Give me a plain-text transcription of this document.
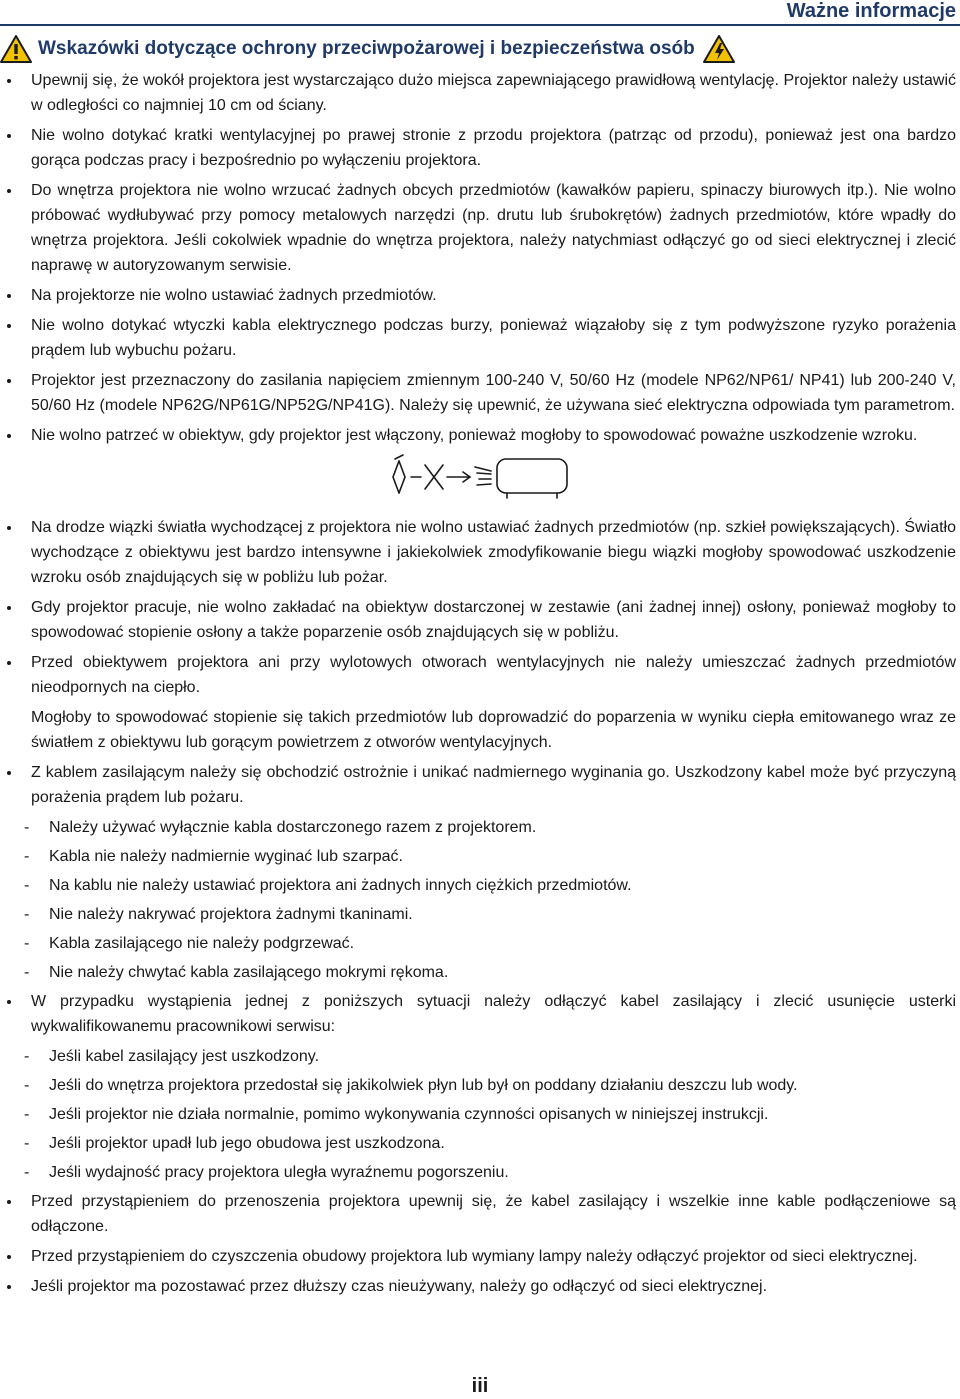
Ważne informacje
Wskazówki dotyczące ochrony przeciwpożarowej i bezpieczeństwa osób
Upewnij się, że wokół projektora jest wystarczająco dużo miejsca zapewniającego prawidłową wentylację. Projektor należy ustawić w odległości co najmniej 10 cm od ściany.
Nie wolno dotykać kratki wentylacyjnej po prawej stronie z przodu projektora (patrząc od przodu), ponieważ jest ona bardzo gorąca podczas pracy i bezpośrednio po wyłączeniu projektora.
Do wnętrza projektora nie wolno wrzucać żadnych obcych przedmiotów (kawałków papieru, spinaczy biurowych itp.). Nie wolno próbować wydłubywać przy pomocy metalowych narzędzi (np. drutu lub śrubokrętów) żadnych przedmiotów, które wpadły do wnętrza projektora. Jeśli cokolwiek wpadnie do wnętrza projektora, należy natychmiast odłączyć go od sieci elektrycznej i zlecić naprawę w autoryzowanym serwisie.
Na projektorze nie wolno ustawiać żadnych przedmiotów.
Nie wolno dotykać wtyczki kabla elektrycznego podczas burzy, ponieważ wiązałoby się z tym podwyższone ryzyko porażenia prądem lub wybuchu pożaru.
Projektor jest przeznaczony do zasilania napięciem zmiennym 100-240 V, 50/60 Hz (modele NP62/NP61/ NP41) lub 200-240 V, 50/60 Hz (modele NP62G/NP61G/NP52G/NP41G). Należy się upewnić, że używana sieć elektryczna odpowiada tym parametrom.
Nie wolno patrzeć w obiektyw, gdy projektor jest włączony, ponieważ mogłoby to spowodować poważne uszkodzenie wzroku.
Na drodze wiązki światła wychodzącej z projektora nie wolno ustawiać żadnych przedmiotów (np. szkieł powiększających). Światło wychodzące z obiektywu jest bardzo intensywne i jakiekolwiek zmodyfikowanie biegu wiązki mogłoby spowodować uszkodzenie wzroku osób znajdujących się w pobliżu lub pożar.
Gdy projektor pracuje, nie wolno zakładać na obiektyw dostarczonej w zestawie (ani żadnej innej) osłony, ponieważ mogłoby to spowodować stopienie osłony a także poparzenie osób znajdujących się w pobliżu.
Przed obiektywem projektora ani przy wylotowych otworach wentylacyjnych nie należy umieszczać żadnych przedmiotów nieodpornych na ciepło.
Mogłoby to spowodować stopienie się takich przedmiotów lub doprowadzić do poparzenia w wyniku ciepła emitowanego wraz ze światłem z obiektywu lub gorącym powietrzem z otworów wentylacyjnych.
Z kablem zasilającym należy się obchodzić ostrożnie i unikać nadmiernego wyginania go. Uszkodzony kabel może być przyczyną porażenia prądem lub pożaru.
- Należy używać wyłącznie kabla dostarczonego razem z projektorem.
- Kabla nie należy nadmiernie wyginać lub szarpać.
- Na kablu nie należy ustawiać projektora ani żadnych innych ciężkich przedmiotów.
- Nie należy nakrywać projektora żadnymi tkaninami.
- Kabla zasilającego nie należy podgrzewać.
- Nie należy chwytać kabla zasilającego mokrymi rękoma.
W przypadku wystąpienia jednej z poniższych sytuacji należy odłączyć kabel zasilający i zlecić usunięcie usterki wykwalifikowanemu pracownikowi serwisu:
- Jeśli kabel zasilający jest uszkodzony.
- Jeśli do wnętrza projektora przedostał się jakikolwiek płyn lub był on poddany działaniu deszczu lub wody.
- Jeśli projektor nie działa normalnie, pomimo wykonywania czynności opisanych w niniejszej instrukcji.
- Jeśli projektor upadł lub jego obudowa jest uszkodzona.
- Jeśli wydajność pracy projektora uległa wyraźnemu pogorszeniu.
Przed przystąpieniem do przenoszenia projektora upewnij się, że kabel zasilający i wszelkie inne kable podłączeniowe są odłączone.
Przed przystąpieniem do czyszczenia obudowy projektora lub wymiany lampy należy odłączyć projektor od sieci elektrycznej.
Jeśli projektor ma pozostawać przez dłuższy czas nieużywany, należy go odłączyć od sieci elektrycznej.
iii
